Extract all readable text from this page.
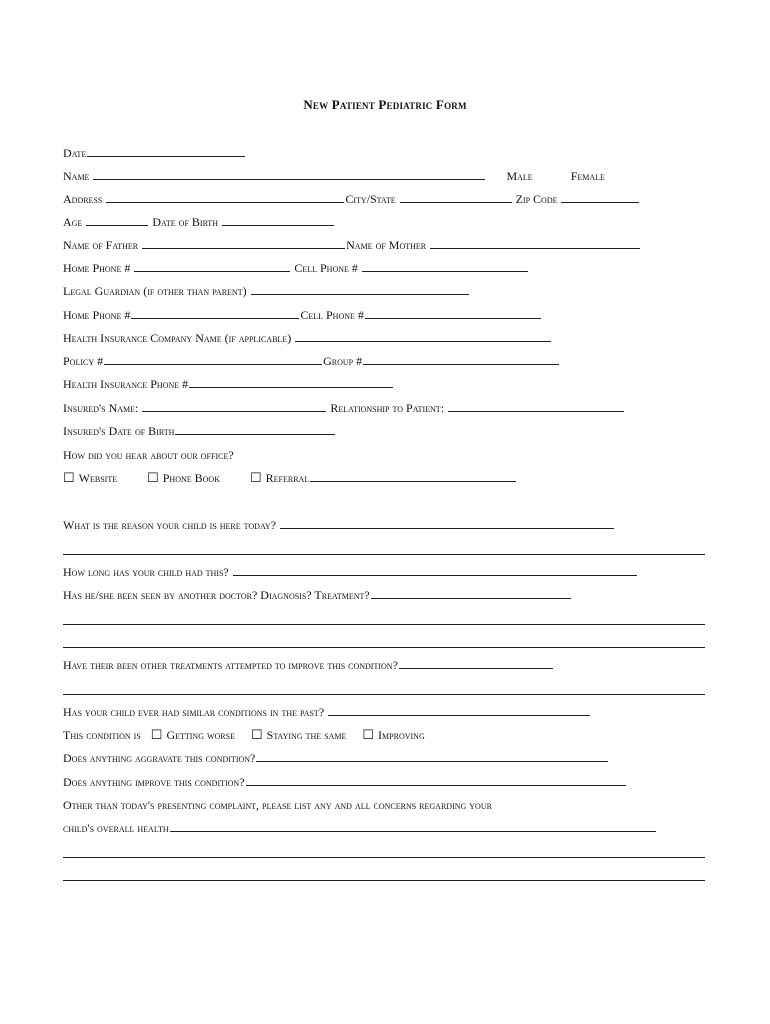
New Patient Pediatric Form
Date
Name	Male	Female
Address	City/State	Zip Code
Age	Date of Birth
Name of Father	Name of Mother
Home Phone #	Cell Phone #
Legal Guardian (if other than parent)
Home Phone #	Cell Phone #
Health Insurance Company Name (if applicable)
Policy #	Group #
Health Insurance Phone #
Insured's Name:	Relationship to Patient:
Insured's Date of Birth
How did you hear about our office?
☐ Website ☐ Phone Book ☐ Referral
What is the reason your child is here today?
How long has your child had this?
Has he/she been seen by another doctor? Diagnosis? Treatment?
Have their been other treatments attempted to improve this condition?
Has your child ever had similar conditions in the past?
This condition is ☐ Getting worse ☐ Staying the same ☐ Improving
Does anything aggravate this condition?
Does anything improve this condition?
Other than today's presenting complaint, please list any and all concerns regarding your
child's overall health
